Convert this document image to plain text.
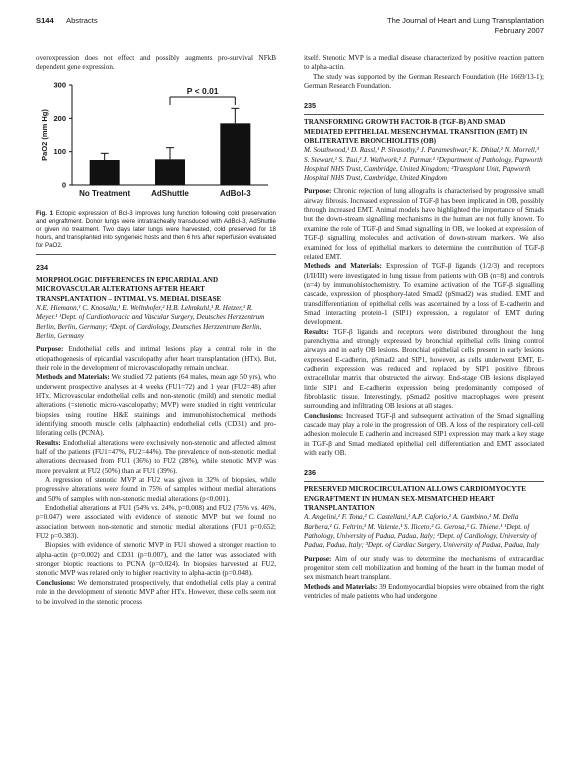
S144 Abstracts	The Journal of Heart and Lung Transplantation
February 2007

overexpression does not effect and possibly augments pro-survival NFkB dependent gene expression.

0
100
200
300
PaO2 (mm Hg)
No Treatment	AdShuttle	AdBol-3
P < 0.01

Fig. 1 Ectopic expression of Bcl-3 improves lung function following cold preservation and engraftment. Donor lungs were intratracheally transduced with AdBcl-3, AdShuttle or given no treatment. Two days later lungs were harvested, cold preserved for 18 hours, and transplanted into syngeneic hosts and then 6 hrs after reperfusion evaluated for PaO2.

234
MORPHOLOGIC DIFFERENCES IN EPICARDIAL AND MICROVASCULAR ALTERATIONS AFTER HEART TRANSPLANTATION – INTIMAL VS. MEDIAL DISEASE
N.E. Hiemann,¹ C. Knosalla,¹ E. Wellnhofer,² H.B. Lehmkuhl,¹ R. Hetzer,¹ R. Meyer.¹ ¹Dept. of Cardiothoracic and Vascular Surgery, Deutsches Herzzentrum Berlin, Berlin, Germany; ²Dept. of Cardiology, Deutsches Herzzentrum Berlin, Berlin, Germany

Purpose: Endothelial cells and intimal lesions play a central role in the etiopathogenesis of epicardial vasculopathy after heart transplantation (HTx). But, their role in the development of microvasculopathy remain unclear.

Methods and Materials: We studied 72 patients (64 males, mean age 50 yrs), who underwent prospective analyses at 4 weeks (FU1=72) and 1 year (FU2=48) after HTx. Microvascular endothelial cells and non-stenotic (mild) and stenotic medial alterations (=stenotic micro-vasculopathy; MVP) were studied in right ventricular biopsies using routine H&E stainings and immunohistochemical methods identifying smooth muscle cells (alphaactin) endothelial cells (CD31) and pro-liferating cells (PCNA).

Results: Endothelial alterations were exclusively non-stenotic and affected almost half of the patients (FU1=47%, FU2=44%). The prevalence of non-stenotic medial alterations decreased from FU1 (36%) to FU2 (28%), while stenotic MVP was more prevalent at FU2 (50%) than at FU1 (39%).

A regression of stenotic MVP at FU2 was given in 32% of biopsies, while progressive alterations were found in 75% of samples without medial alterations and 50% of samples with non-stenotic medial alterations (p<0.001).

Endothelial alterations at FU1 (54% vs. 24%, p=0.008) and FU2 (75% vs. 46%, p=0.047) were associated with evidence of stenotic MVP but we found no association between non-stenotic and stenotic medial alterations (FU1 p=0.652; FU2 p=0.383).

Biopsies with evidence of stenotic MVP in FU1 showed a stronger reaction to alpha-actin (p=0.002) and CD31 (p=0.007), and the latter was associated with stronger bioptic reactions to PCNA (p=0.024). In biopsies harvested at FU2, stenotic MVP was related only to higher reactivity to alpha-actin (p=0.048).

Conclusions: We demonstrated prospectively, that endothelial cells play a central role in the development of stenotic MVP after HTx. However, these cells seem not to be involved in the stenotic process

itself. Stenotic MVP is a medial disease characterized by positive reaction pattern to alpha-actin.

The study was supported by the German Research Foundation (He 1669/13-1); German Research Foundation.

235
TRANSFORMING GROWTH FACTOR-B (TGF-B) AND SMAD MEDIATED EPITHELIAL MESENCHYMAL TRANSITION (EMT) IN OBLITERATIVE BRONCHIOLITIS (OB)
M. Southwood,¹ D. Rassl,¹ P. Sivasothy,² J. Parameshwar,² K. Dhital,² N. Morrell,³ S. Stewart,¹ S. Tsui,² J. Wallwork,² J. Parmar.² ¹Department of Pathology, Papworth Hospital NHS Trust, Cambridge, United Kingdom; ²Transplant Unit, Papworth Hospital NHS Trust, Cambridge, United Kingdom

Purpose: Chronic rejection of lung allografts is characterised by progressive small airway fibrosis. Increased expression of TGF-β has been implicated in OB, possibly through increased EMT. Animal models have highlighted the importance of Smads but the down-stream signalling mechanisms in the human are not fully known. To examine the role of TGF-β and Smad signalling in OB, we looked at expression of TGF-β signalling molecules and activation of down-stream markers. We also examined for loss of epithelial markers to determine the contribution of TGF-β related EMT.

Methods and Materials: Expression of TGF-β ligands (1/2/3) and receptors (I/II/III) were investigated in lung tissue from patients with OB (n=8) and controls (n=4) by immunohistochemistry. To examine activation of the TGF-β signalling cascade, expression of phosphory-lated Smad2 (pSmad2) was studied. EMT and transdifferentiation of epithelial cells was ascertained by a loss of E-cadherin and Smad interacting protein-1 (SIP1) expression, a regulator of EMT during development.

Results: TGF-β ligands and receptors were distributed throughout the lung parenchyma and strongly expressed by bronchial epithelial cells lining control airways and in early OB lesions. Bronchial epithelial cells present in early lesions expressed E-cadherin, pSmad2 and SIP1, however, as cells underwent EMT, E-cadherin expression was reduced and replaced by SIP1 positive fibrous extracellular matrix that obstructed the airway. End-stage OB lesions displayed little SIP1 and E-cadherin expression being predominantly composed of fibroblastic tissue. Interestingly, pSmad2 positive macrophages were present surrounding and infiltrating OB lesions at all stages.

Conclusions: Increased TGF-β and subsequent activation of the Smad signalling cascade may play a role in the progression of OB. A loss of the respiratory cell-cell adhesion molecule E cadherin and increased SIP1 expression may mark a key stage in TGF-β and Smad mediated epithelial cell differentiation and EMT associated with early OB.

236
PRESERVED MICROCIRCULATION ALLOWS CARDIOMYOCYTE ENGRAFTMENT IN HUMAN SEX-MISMATCHED HEART TRANSPLANTATION
A. Angelini,¹ F. Tona,² C. Castellani,¹ A.P. Caforio,² A. Gambino,³ M. Della Barbera,¹ G. Feltrin,³ M. Valente,¹ S. Iliceto,² G. Gerosa,³ G. Thiene.¹ ¹Dept. of Pathology, University of Padua, Padua, Italy; ²Dept. of Cardiology, University of Padua, Padua, Italy; ³Dept. of Cardiac Surgery, University of Padua, Padua, Italy

Purpose: Aim of our study was to determine the mechanisms of extracardiac progenitor stem cell mobilization and homing of the heart in the human model of sex mismatch heart transplant.

Methods and Materials: 39 Endomyocardial biopsies were obtained from the right ventricles of male patients who had undergone
